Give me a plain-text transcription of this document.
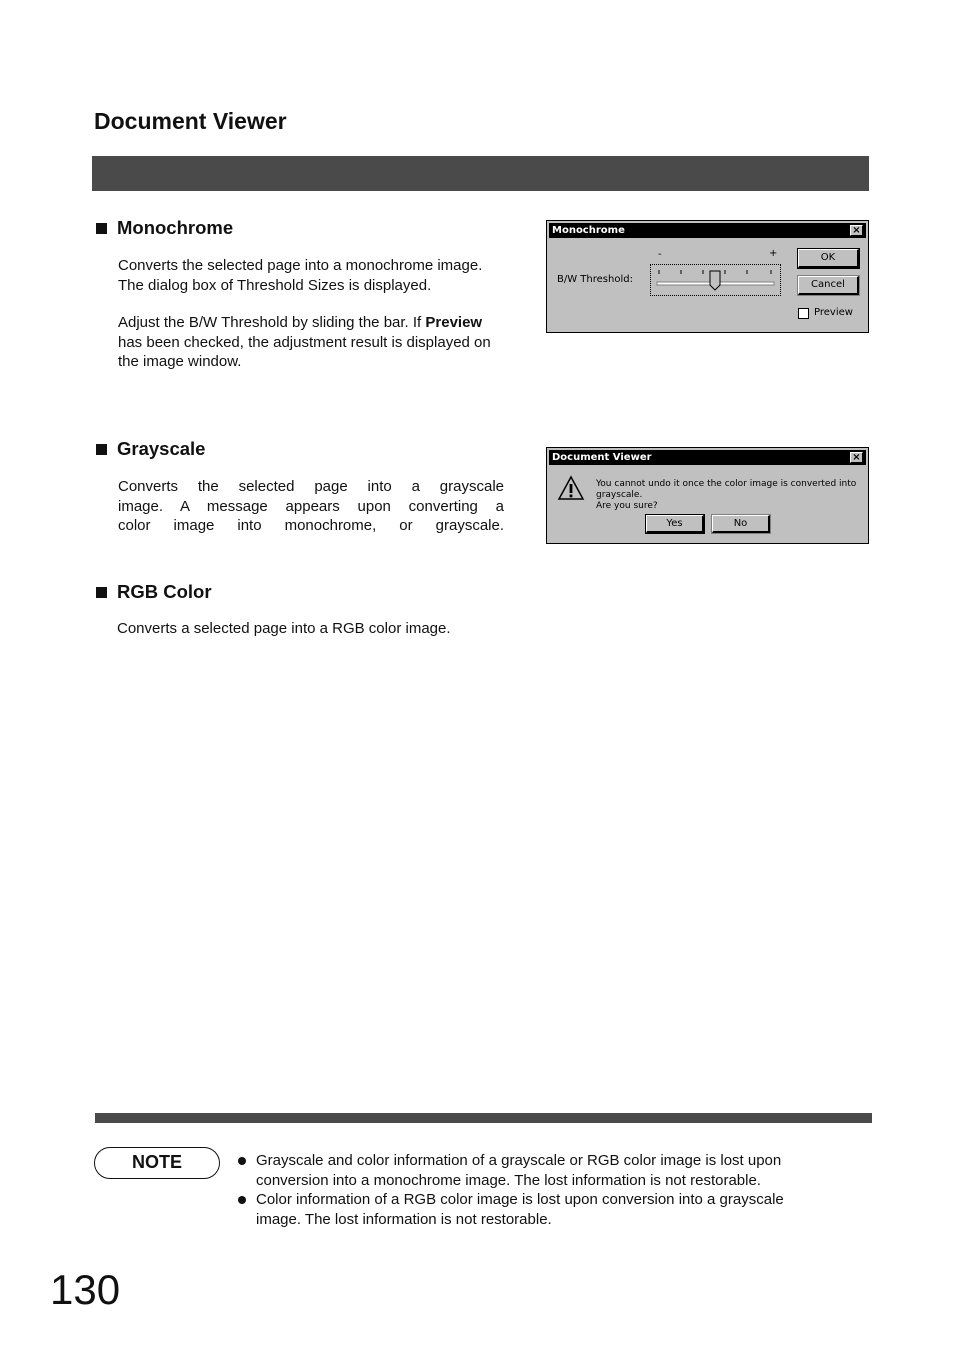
Document Viewer
Monochrome
Converts the selected page into a monochrome image.
The dialog box of Threshold Sizes is displayed.
Adjust the B/W Threshold by sliding the bar. If Preview
has been checked, the adjustment result is displayed on
the image window.
Monochrome	×
-	+
B/W Threshold:
OK
Cancel
Preview
Grayscale
Converts the selected page into a grayscale
image. A message appears upon converting a
color image into monochrome, or grayscale.
Document Viewer	×
You cannot undo it once the color image is converted into grayscale.
Are you sure?
Yes	No
RGB Color
Converts a selected page into a RGB color image.
NOTE	Grayscale and color information of a grayscale or RGB color image is lost upon
conversion into a monochrome image. The lost information is not restorable.
Color information of a RGB color image is lost upon conversion into a grayscale
image. The lost information is not restorable.
130
